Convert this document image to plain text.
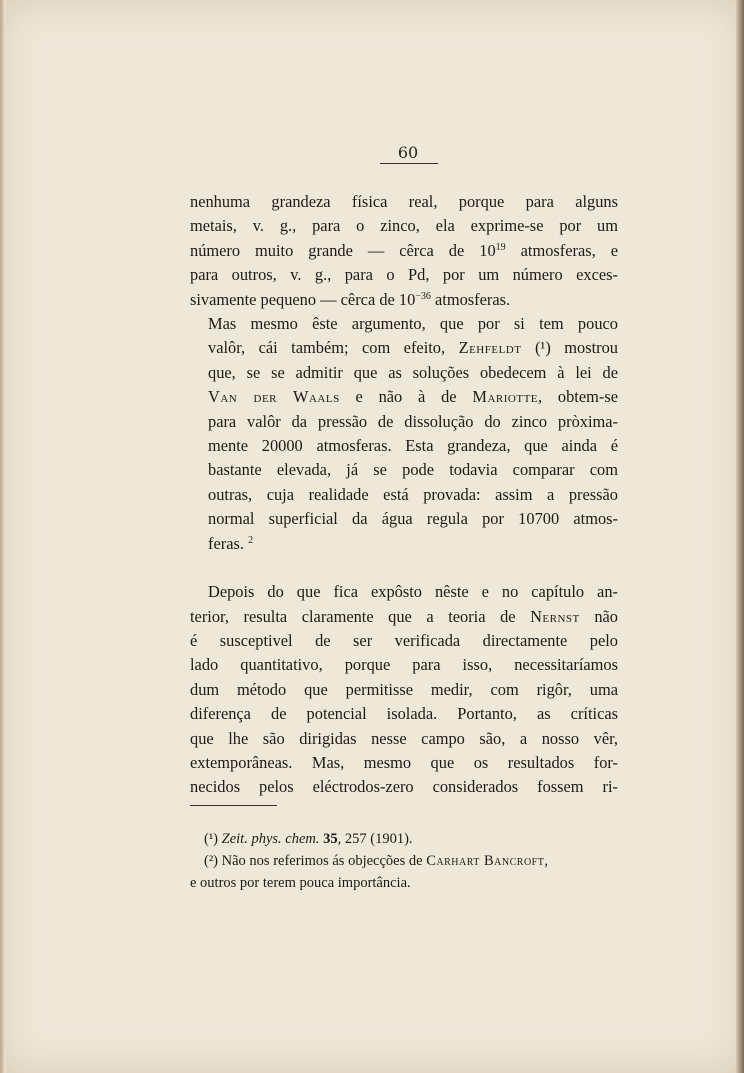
60

nenhuma grandeza física real, porque para alguns
metais, v. g., para o zinco, ela exprime-se por um
número muito grande — cêrca de $10^{19}$ atmosferas, e
para outros, v. g., para o Pd, por um número exces-
sivamente pequeno — cêrca de $10^{-36}$ atmosferas.

Mas mesmo êste argumento, que por si tem pouco
valôr, cái também; com efeito, Zehfeldt (¹) mostrou
que, se se admitir que as soluções obedecem à lei de
Van der Waals e não à de Mariotte, obtem-se
para valôr da pressão de dissolução do zinco pròxima-
mente 20000 atmosferas. Esta grandeza, que ainda é
bastante elevada, já se pode todavia comparar com
outras, cuja realidade está provada: assim a pressão
normal superficial da água regula por 10700 atmos-
feras. $^2$

Depois do que fica expôsto nêste e no capítulo an-
terior, resulta claramente que a teoria de Nernst não
é susceptivel de ser verificada directamente pelo
lado quantitativo, porque para isso, necessitaríamos
dum método que permitisse medir, com rigôr, uma
diferença de potencial isolada. Portanto, as críticas
que lhe são dirigidas nesse campo são, a nosso vêr,
extemporâneas. Mas, mesmo que os resultados for-
necidos pelos eléctrodos-zero considerados fossem ri-

(¹) Zeit. phys. chem. 35, 257 (1901).

(²) Não nos referimos ás objecções de Carhart Bancroft,

e outros por terem pouca importância.
